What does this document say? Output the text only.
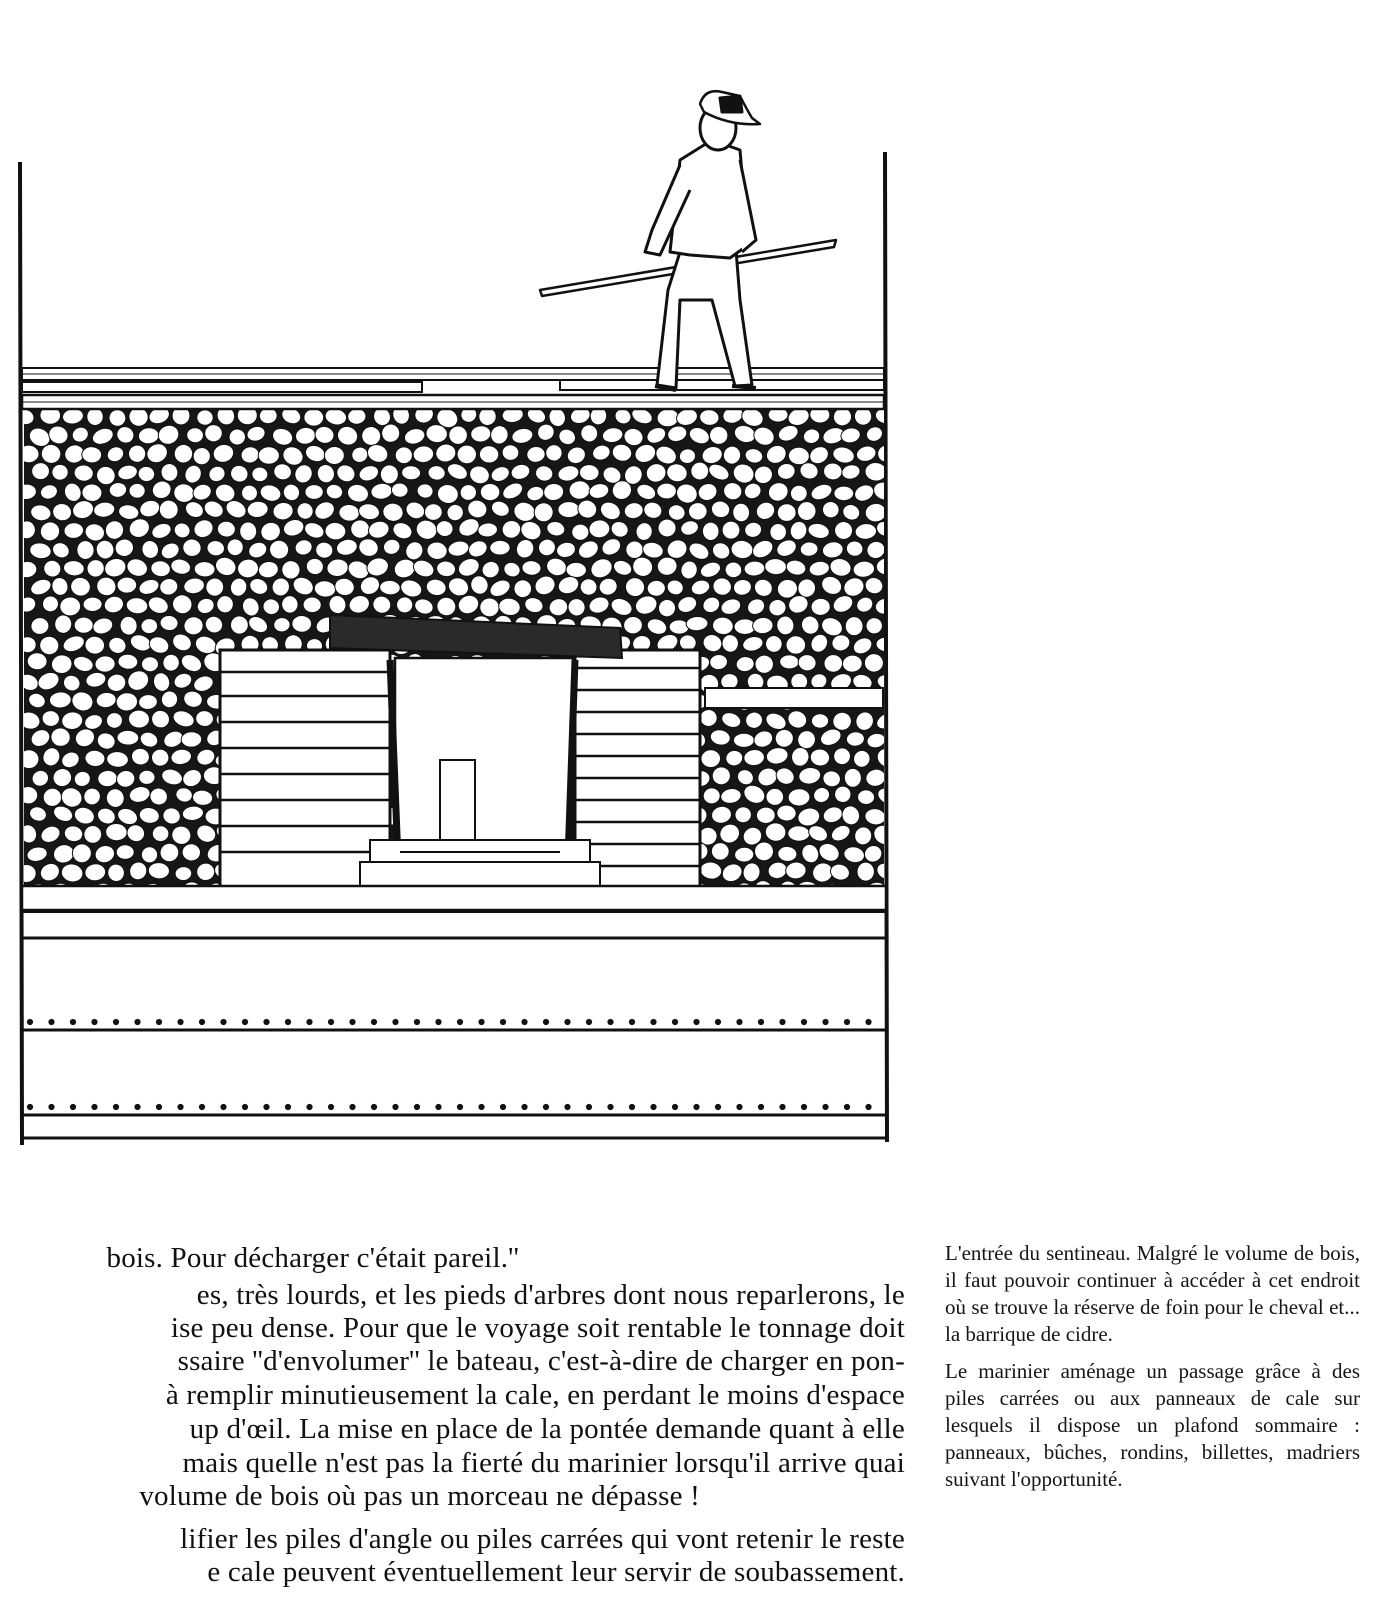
bois. Pour décharger c'était pareil.''
es, très lourds, et les pieds d'arbres dont nous reparlerons, le
ise peu dense. Pour que le voyage soit rentable le tonnage doit
ssaire ''d'envolumer'' le bateau, c'est-à-dire de charger en pon-
à remplir minutieusement la cale, en perdant le moins d'espace
up d'œil. La mise en place de la pontée demande quant à elle
mais quelle n'est pas la fierté du marinier lorsqu'il arrive quai
volume de bois où pas un morceau ne dépasse !
lifier les piles d'angle ou piles carrées qui vont retenir le reste
e cale peuvent éventuellement leur servir de soubassement.

L'entrée du sentineau. Malgré le volume de bois, il faut pouvoir continuer à accéder à cet endroit où se trouve la réserve de foin pour le cheval et... la barrique de cidre.

Le marinier aménage un passage grâce à des piles carrées ou aux panneaux de cale sur lesquels il dispose un plafond sommaire : panneaux, bûches, rondins, billettes, madriers suivant l'opportunité.
